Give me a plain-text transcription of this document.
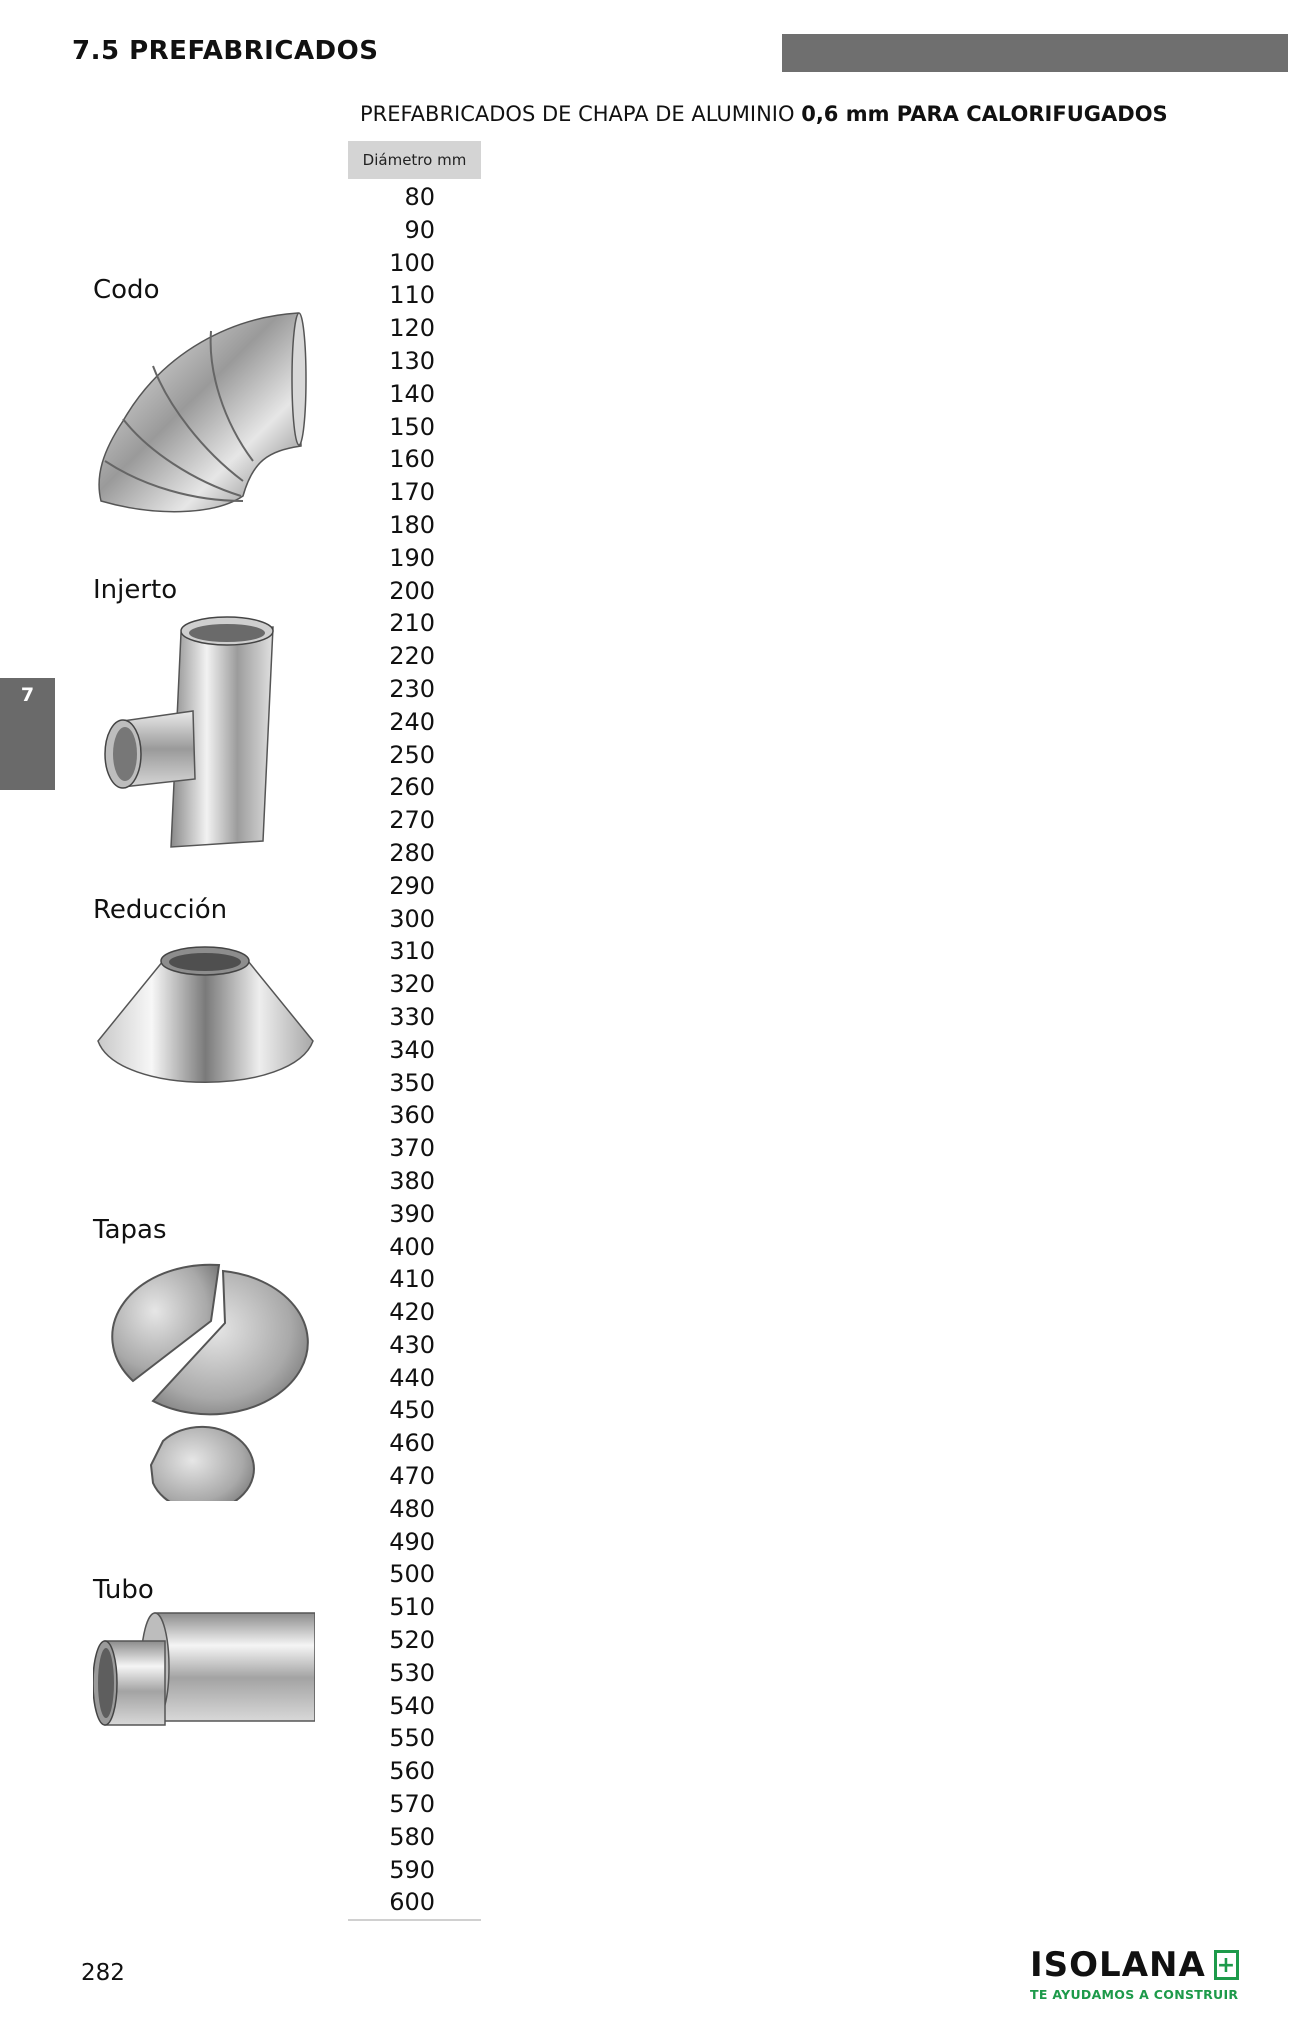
7.5 PREFABRICADOS
PREFABRICADOS DE CHAPA DE ALUMINIO 0,6 mm PARA CALORIFUGADOS
7
Diámetro mm
80
90
100
110
120
130
140
150
160
170
180
190
200
210
220
230
240
250
260
270
280
290
300
310
320
330
340
350
360
370
380
390
400
410
420
430
440
450
460
470
480
490
500
510
520
530
540
550
560
570
580
590
600
Codo
Injerto
Reducción
Tapas
Tubo
282	ISOLANA +
TE AYUDAMOS A CONSTRUIR
